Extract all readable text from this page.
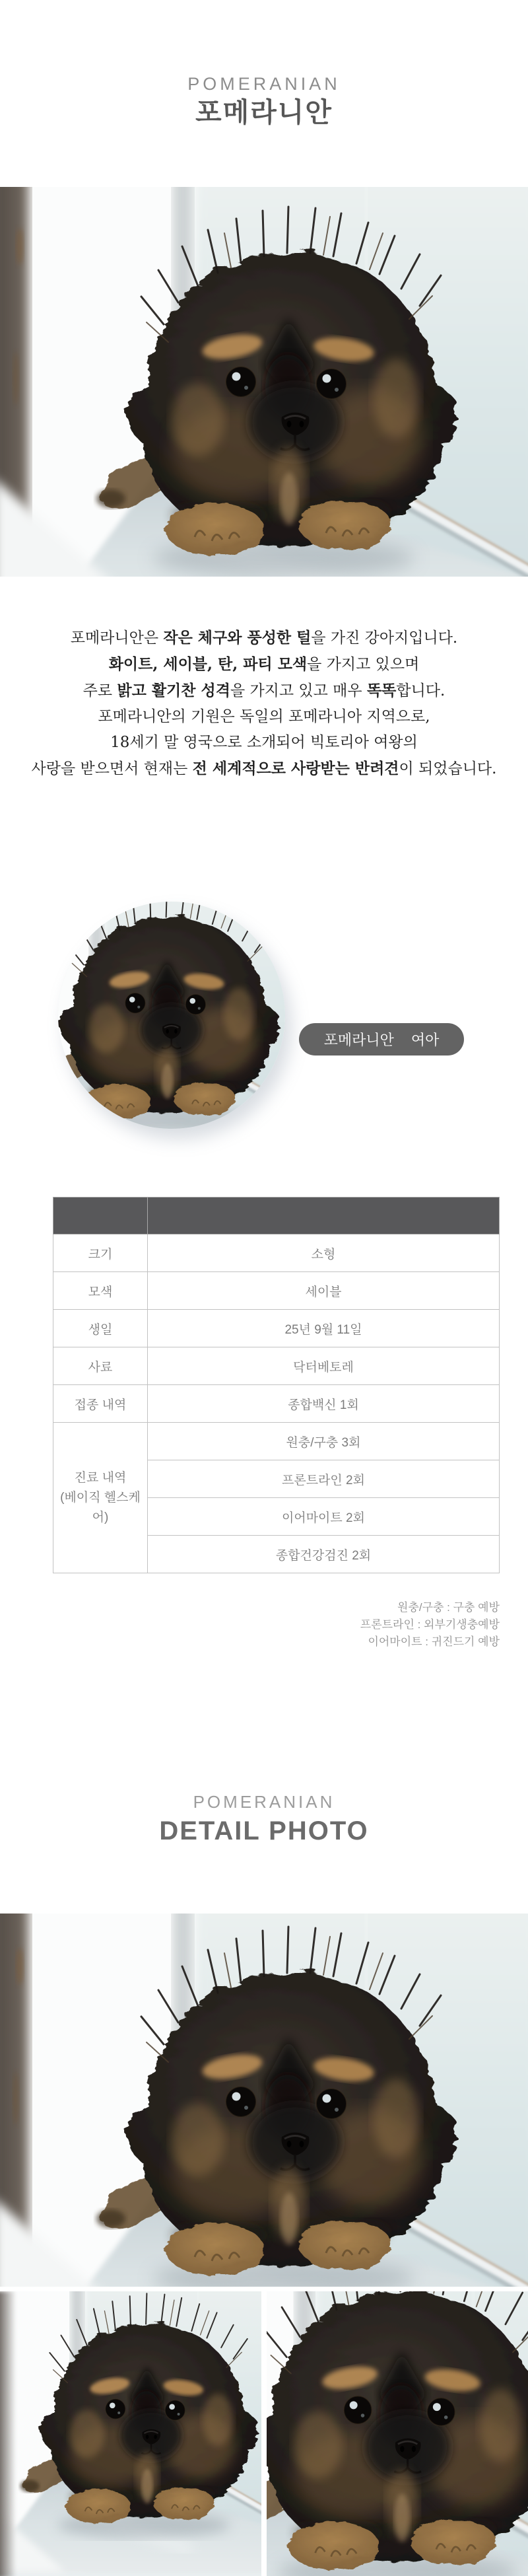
POMERANIAN
포메라니안
포메라니안은 작은 체구와 풍성한 털을 가진 강아지입니다.
화이트, 세이블, 탄, 파티 모색을 가지고 있으며
주로 밝고 활기찬 성격을 가지고 있고 매우 똑똑합니다.
포메라니안의 기원은 독일의 포메라니아 지역으로,
18세기 말 영국으로 소개되어 빅토리아 여왕의
사랑을 받으면서 현재는 전 세계적으로 사랑받는 반려견이 되었습니다.
포메라니안 여아

크기	소형
모색	세이블
생일	25년 9월 11일
사료	닥터베토레
접종 내역	종합백신 1회

진료 내역
(베이직 헬스케어)	원충/구충 3회
	프론트라인 2회
	이어마이트 2회
	종합건강검진 2회
원충/구충 : 구충 예방
프론트라인 : 외부기생충예방
이어마이트 : 귀진드기 예방
POMERANIAN
DETAIL PHOTO
